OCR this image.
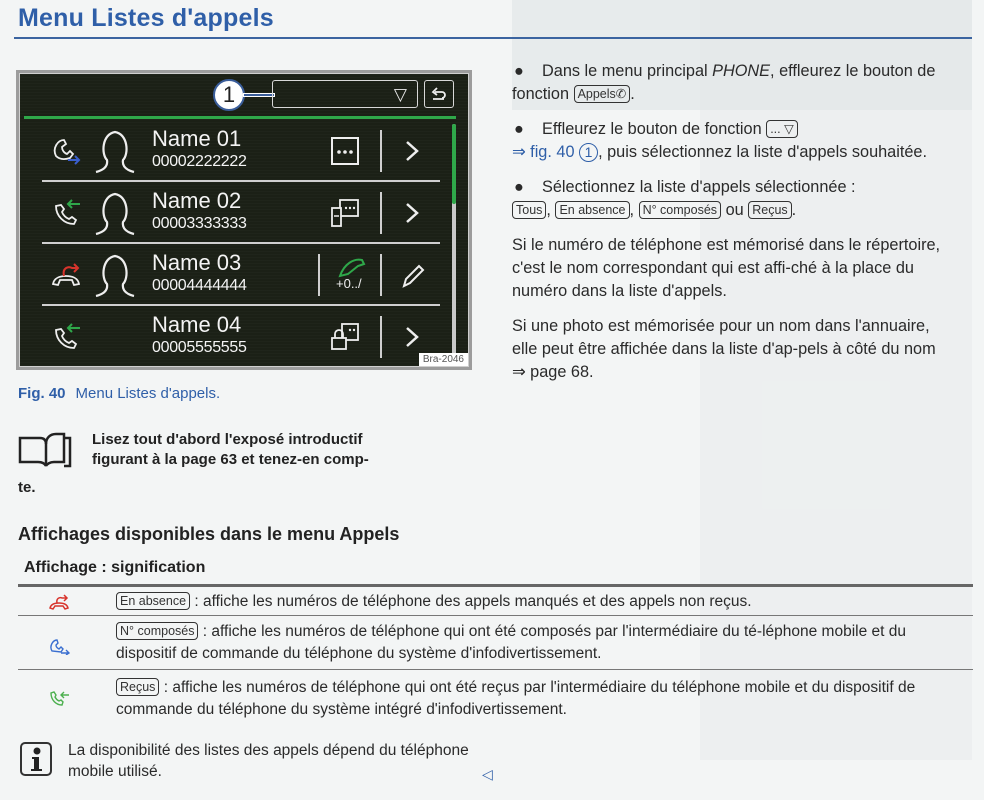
Menu Listes d'appels
1	▽
Name 01
00002222222
Name 02
00003333333
Name 03
00004444444	+0../
Name 04
00005555555
Bra-2046
Fig. 40 Menu Listes d'appels.
Lisez tout d'abord l'exposé introductif
figurant à la page 63 et tenez-en comp-
te.
Affichages disponibles dans le menu Appels
Affichage : signification
En absence : affiche les numéros de téléphone des appels manqués et des appels non reçus.
N° composés : affiche les numéros de téléphone qui ont été composés par l'intermédiaire du té-léphone mobile et du dispositif de commande du téléphone du système d'infodivertissement.
Reçus : affiche les numéros de téléphone qui ont été reçus par l'intermédiaire du téléphone mobile et du dispositif de commande du téléphone du système intégré d'infodivertissement.

● Dans le menu principal PHONE, effleurez le bouton de fonction Appels✆ .

● Effleurez le bouton de fonction ... ▽
⇒ fig. 40 1 , puis sélectionnez la liste d'appels souhaitée.

● Sélectionnez la liste d'appels sélectionnée :
Tous , En absence , N° composés ou Reçus .

Si le numéro de téléphone est mémorisé dans le répertoire, c'est le nom correspondant qui est affi-ché à la place du numéro dans la liste d'appels.

Si une photo est mémorisée pour un nom dans l'annuaire, elle peut être affichée dans la liste d'ap-pels à côté du nom ⇒ page 68.

La disponibilité des listes des appels dépend du téléphone mobile utilisé.	◁
